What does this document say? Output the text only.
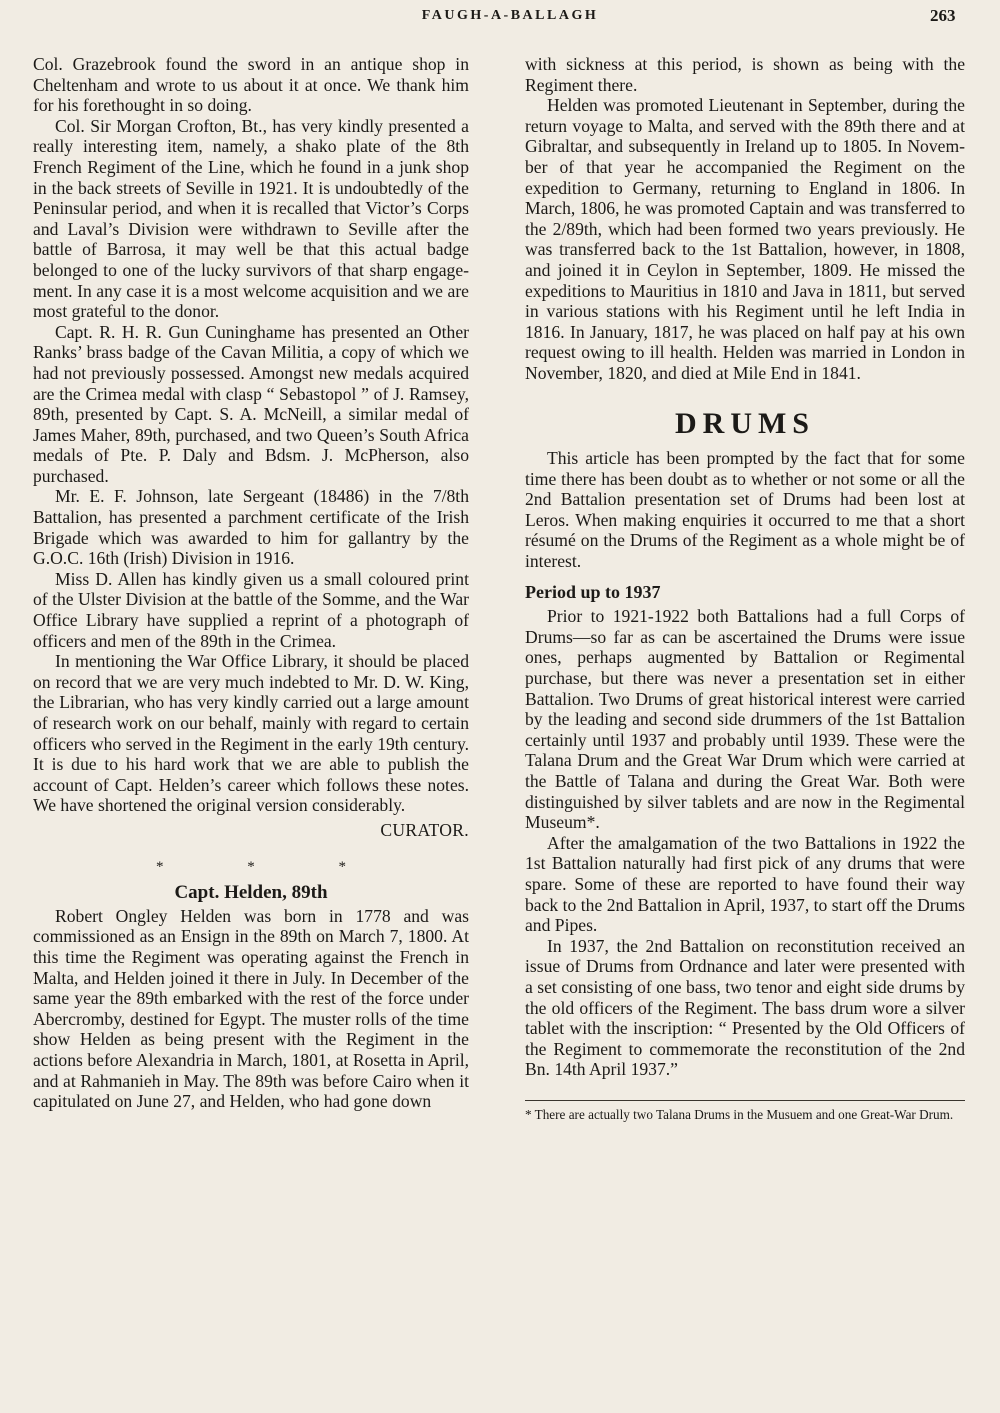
FAUGH-A-BALLAGH	263

Col. Grazebrook found the sword in an antique shop in Cheltenham and wrote to us about it at once. We thank him for his forethought in so doing.

Col. Sir Morgan Crofton, Bt., has very kindly presented a really interesting item, namely, a shako plate of the 8th French Regiment of the Line, which he found in a junk shop in the back streets of Seville in 1921. It is undoubtedly of the Peninsular period, and when it is recalled that Victor’s Corps and Laval’s Division were withdrawn to Seville after the battle of Barrosa, it may well be that this actual badge belonged to one of the lucky survivors of that sharp engagement. In any case it is a most welcome acquisition and we are most grateful to the donor.

Capt. R. H. R. Gun Cuninghame has presented an Other Ranks’ brass badge of the Cavan Militia, a copy of which we had not previously possessed. Amongst new medals acquired are the Crimea medal with clasp “ Sebastopol ” of J. Ramsey, 89th, presented by Capt. S. A. McNeill, a similar medal of James Maher, 89th, purchased, and two Queen’s South Africa medals of Pte. P. Daly and Bdsm. J. McPherson, also purchased.

Mr. E. F. Johnson, late Sergeant (18486) in the 7/8th Battalion, has presented a parchment certificate of the Irish Brigade which was awarded to him for gallantry by the G.O.C. 16th (Irish) Division in 1916.

Miss D. Allen has kindly given us a small coloured print of the Ulster Division at the battle of the Somme, and the War Office Library have supplied a reprint of a photograph of officers and men of the 89th in the Crimea.

In mentioning the War Office Library, it should be placed on record that we are very much indebted to Mr. D. W. King, the Librarian, who has very kindly carried out a large amount of research work on our behalf, mainly with regard to certain officers who served in the Regiment in the early 19th century. It is due to his hard work that we are able to publish the account of Capt. Helden’s career which follows these notes. We have shortened the original version considerably.

CURATOR.
* * *
Capt. Helden, 89th

Robert Ongley Helden was born in 1778 and was commissioned as an Ensign in the 89th on March 7, 1800. At this time the Regiment was operating against the French in Malta, and Helden joined it there in July. In December of the same year the 89th embarked with the rest of the force under Abercromby, destined for Egypt. The muster rolls of the time show Helden as being present with the Regiment in the actions before Alexandria in March, 1801, at Rosetta in April, and at Rahmanieh in May. The 89th was before Cairo when it capitulated on June 27, and Helden, who had gone down

with sickness at this period, is shown as being with the Regiment there.

Helden was promoted Lieutenant in September, during the return voyage to Malta, and served with the 89th there and at Gibraltar, and subsequently in Ireland up to 1805. In November of that year he accompanied the Regiment on the expedition to Germany, returning to England in 1806. In March, 1806, he was promoted Captain and was transferred to the 2/89th, which had been formed two years previously. He was transferred back to the 1st Battalion, however, in 1808, and joined it in Ceylon in September, 1809. He missed the expeditions to Mauritius in 1810 and Java in 1811, but served in various stations with his Regiment until he left India in 1816. In January, 1817, he was placed on half pay at his own request owing to ill health. Helden was married in London in November, 1820, and died at Mile End in 1841.

DRUMS

This article has been prompted by the fact that for some time there has been doubt as to whether or not some or all the 2nd Battalion presentation set of Drums had been lost at Leros. When making enquiries it occurred to me that a short résumé on the Drums of the Regiment as a whole might be of interest.

Period up to 1937

Prior to 1921-1922 both Battalions had a full Corps of Drums—so far as can be ascertained the Drums were issue ones, perhaps augmented by Battalion or Regimental purchase, but there was never a presentation set in either Battalion. Two Drums of great historical interest were carried by the leading and second side drummers of the 1st Battalion certainly until 1937 and probably until 1939. These were the Talana Drum and the Great War Drum which were carried at the Battle of Talana and during the Great War. Both were distinguished by silver tablets and are now in the Regimental Museum*.

After the amalgamation of the two Battalions in 1922 the 1st Battalion naturally had first pick of any drums that were spare. Some of these are reported to have found their way back to the 2nd Battalion in April, 1937, to start off the Drums and Pipes.

In 1937, the 2nd Battalion on reconstitution received an issue of Drums from Ordnance and later were presented with a set consisting of one bass, two tenor and eight side drums by the old officers of the Regiment. The bass drum wore a silver tablet with the inscription: “ Presented by the Old Officers of the Regiment to commemorate the reconstitution of the 2nd Bn. 14th April 1937.”

* There are actually two Talana Drums in the Musuem and one Great-War Drum.
